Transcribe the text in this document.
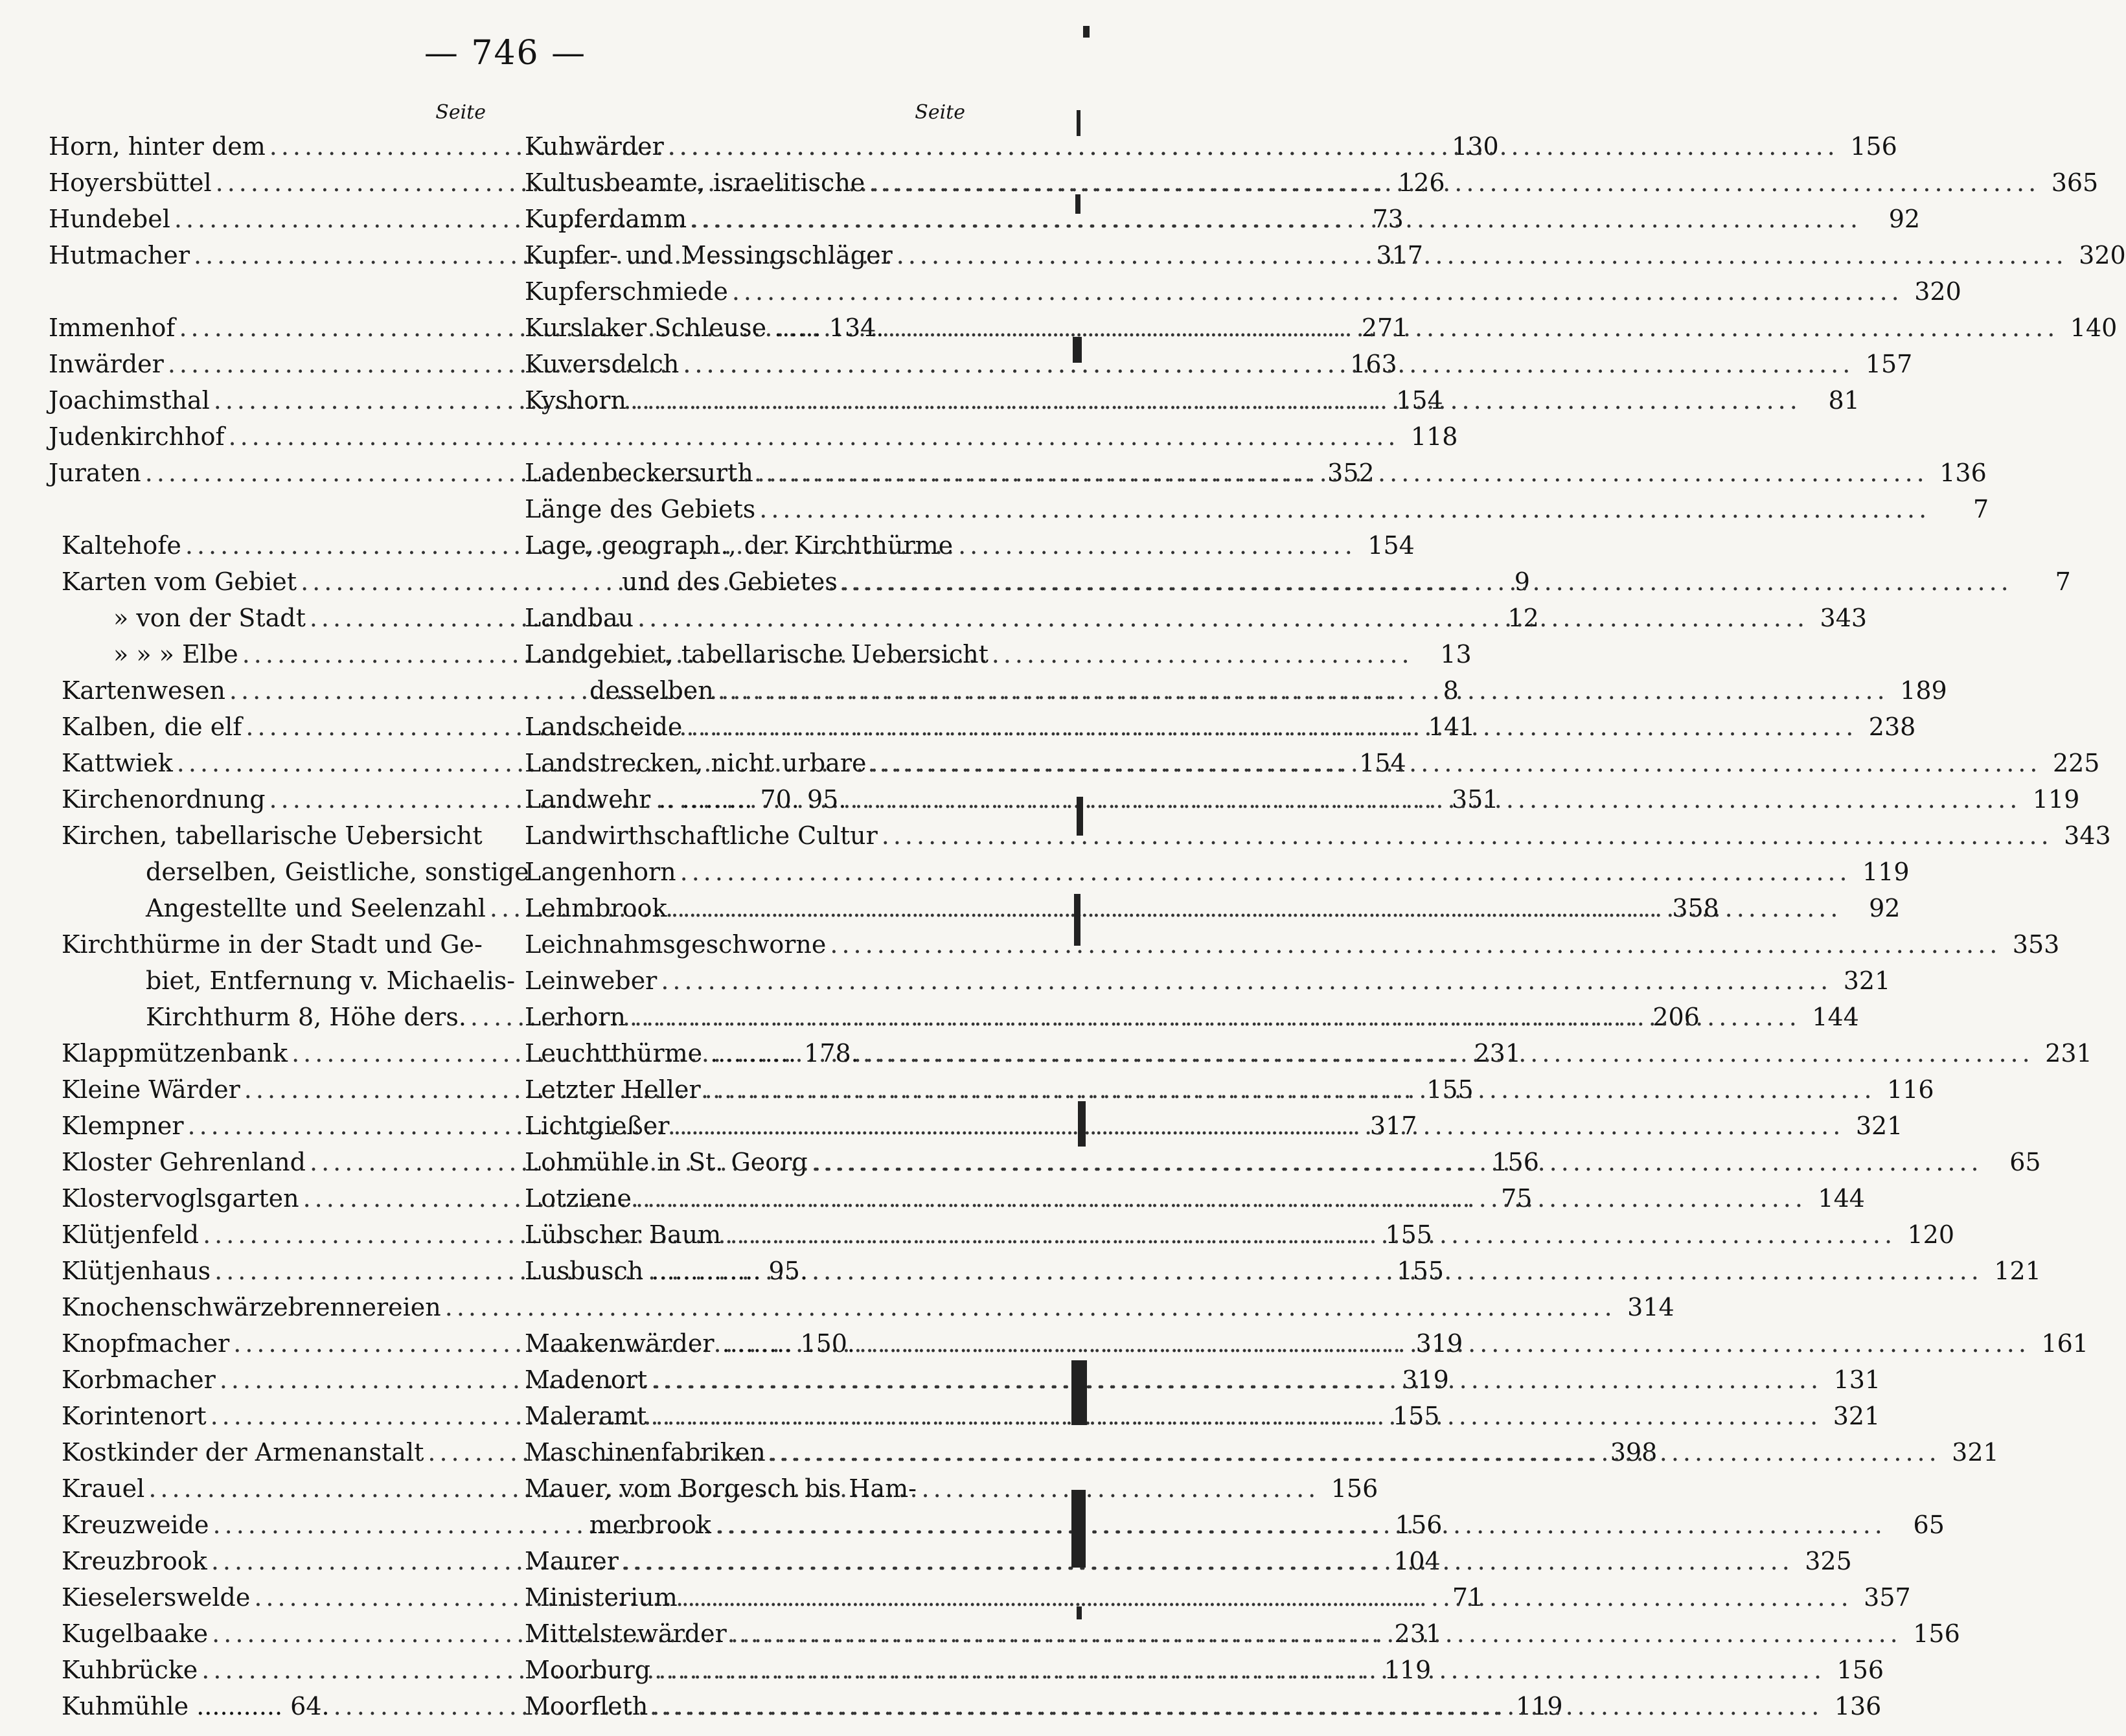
— 746 —
Seite
Horn, hinter dem .....	130
Hoyersbüttel .....	126
Hundebel .....	73
Hutmacher .....	317
Immenhof .....	271
Inwärder .....	163
Joachimsthal .....	154
Judenkirchhof .....	118
Juraten .....	352
Kaltehofe .....	154
Karten vom Gebiet .....	9
» von der Stadt .....	12
» » » Elbe .....	13
Kartenwesen .....	8
Kalben, die elf .....	141
Kattwiek .....	154
Kirchenordnung .....	351
Kirchen, tabellarische Uebersicht
derselben, Geistliche, sonstige
Angestellte und Seelenzahl .....	358
Kirchthürme in der Stadt und Ge-
biet, Entfernung v. Michaelis-
Kirchthurm 8, Höhe ders. .....	206
Klappmützenbank .....	231
Kleine Wärder .....	155
Klempner .....	317
Kloster Gehrenland .....	156
Klostervoglsgarten .....	75
Klütjenfeld .....	155
Klütjenhaus .....	155
Knochenschwärzebrennereien .....	314
Knopfmacher .....	319
Korbmacher .....	319
Korintenort .....	155
Kostkinder der Armenanstalt .....	398
Krauel .....	156
Kreuzweide .....	156
Kreuzbrook .....	104
Kieselerswelde .....	71
Kugelbaake .....	231
Kuhbrücke .....	119
Kuhmühle ........... 64. .....	119
Seite
Kuhwärder .....	156
Kultusbeamte, israelitische .....	365
Kupferdamm .....	92
Kupfer- und Messingschläger .....	320
Kupferschmiede .....	320
Kurslaker Schleuse ...... 134. .....	140
Kuversdelch .....	157
Kyshorn .....	81
Ladenbeckersurth .....	136
Länge des Gebiets .....	7
Lage, geograph., der Kirchthürme
und des Gebietes .....	7
Landbau .....	343
Landgebiet, tabellarische Uebersicht
desselben .....	189
Landscheide .....	238
Landstrecken, nicht urbare .....	225
Landwehr .. ......... 70. 95. .....	119
Landwirthschaftliche Cultur .....	343
Langenhorn .....	119
Lehmbrook .....	92
Leichnahmsgeschworne .....	353
Leinweber .....	321
Lerhorn .....	144
Leuchtthürme ........... 178. .....	231
Letzter Heller .....	116
Lichtgießer .....	321
Lohmühle in St. Georg .....	65
Lotziene .....	144
Lübscher Baum .....	120
Lusbusch .............. 95. .....	121
Maakenwärder ......... 150. .....	161
Madenort .....	131
Maleramt .....	321
Maschinenfabriken .....	321
Mauer, vom Borgesch bis Ham-
merbrook .....	65
Maurer .....	325
Ministerium .....	357
Mittelstewärder .....	156
Moorburg .....	156
Moorfleth .....	136
